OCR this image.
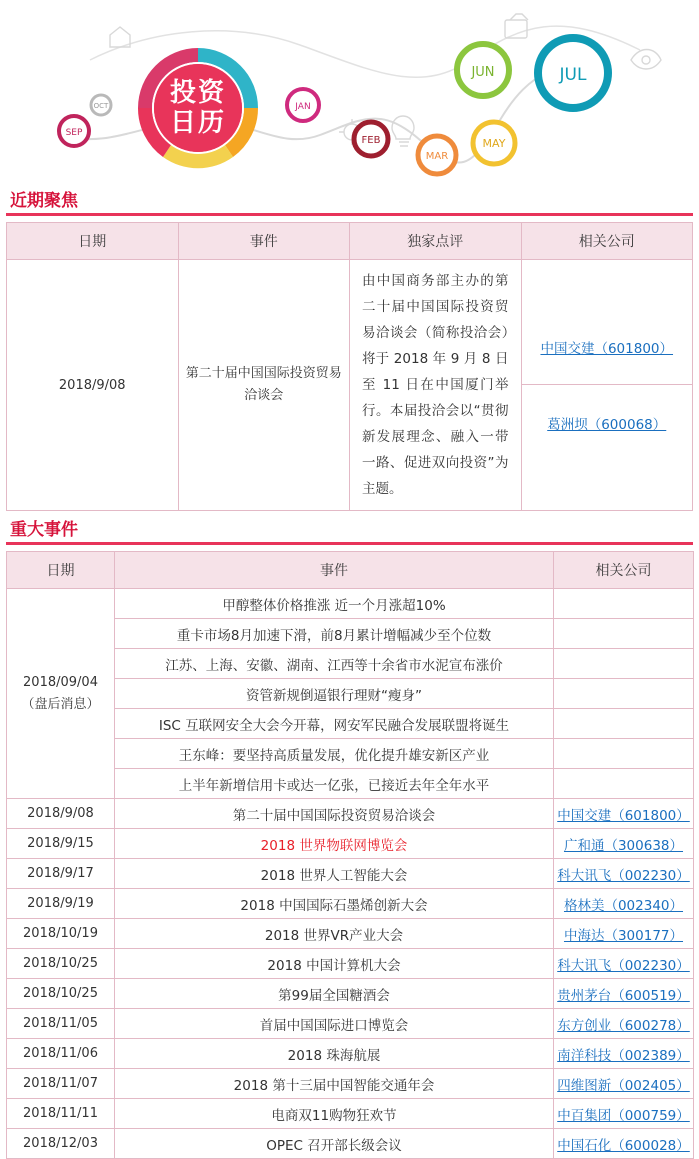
SEP
OCT	JAN
FEB
MAR
MAY
JUN	JUL
投资
日历
近期聚焦
日期	事件	独家点评	相关公司
2018/9/08	第二十届中国国际投资贸易洽谈会	由中国商务部主办的第二十届中国国际投资贸易洽谈会（简称投洽会）将于 2018 年 9 月 8 日至 11 日在中国厦门举行。本届投洽会以“贯彻新发展理念、融入一带一路、促进双向投资”为主题。	中国交建（601800）
葛洲坝（600068）
重大事件
日期	事件	相关公司
2018/09/04（盘后消息）	甲醇整体价格推涨 近一个月涨超10%	
	重卡市场8月加速下滑，前8月累计增幅减少至个位数	
	江苏、上海、安徽、湖南、江西等十余省市水泥宣布涨价	
	资管新规倒逼银行理财“瘦身”	
	ISC 互联网安全大会今开幕，网安军民融合发展联盟将诞生	
	王东峰：要坚持高质量发展，优化提升雄安新区产业	
	上半年新增信用卡或达一亿张，已接近去年全年水平	
2018/9/08	第二十届中国国际投资贸易洽谈会	中国交建（601800）
2018/9/15	2018 世界物联网博览会	广和通（300638）
2018/9/17	2018 世界人工智能大会	科大讯飞（002230）
2018/9/19	2018 中国国际石墨烯创新大会	格林美（002340）
2018/10/19	2018 世界VR产业大会	中海达（300177）
2018/10/25	2018 中国计算机大会	科大讯飞（002230）
2018/10/25	第99届全国糖酒会	贵州茅台（600519）
2018/11/05	首届中国国际进口博览会	东方创业（600278）
2018/11/06	2018 珠海航展	南洋科技（002389）
2018/11/07	2018 第十三届中国智能交通年会	四维图新（002405）
2018/11/11	电商双11购物狂欢节	中百集团（000759）
2018/12/03	OPEC 召开部长级会议	中国石化（600028）
